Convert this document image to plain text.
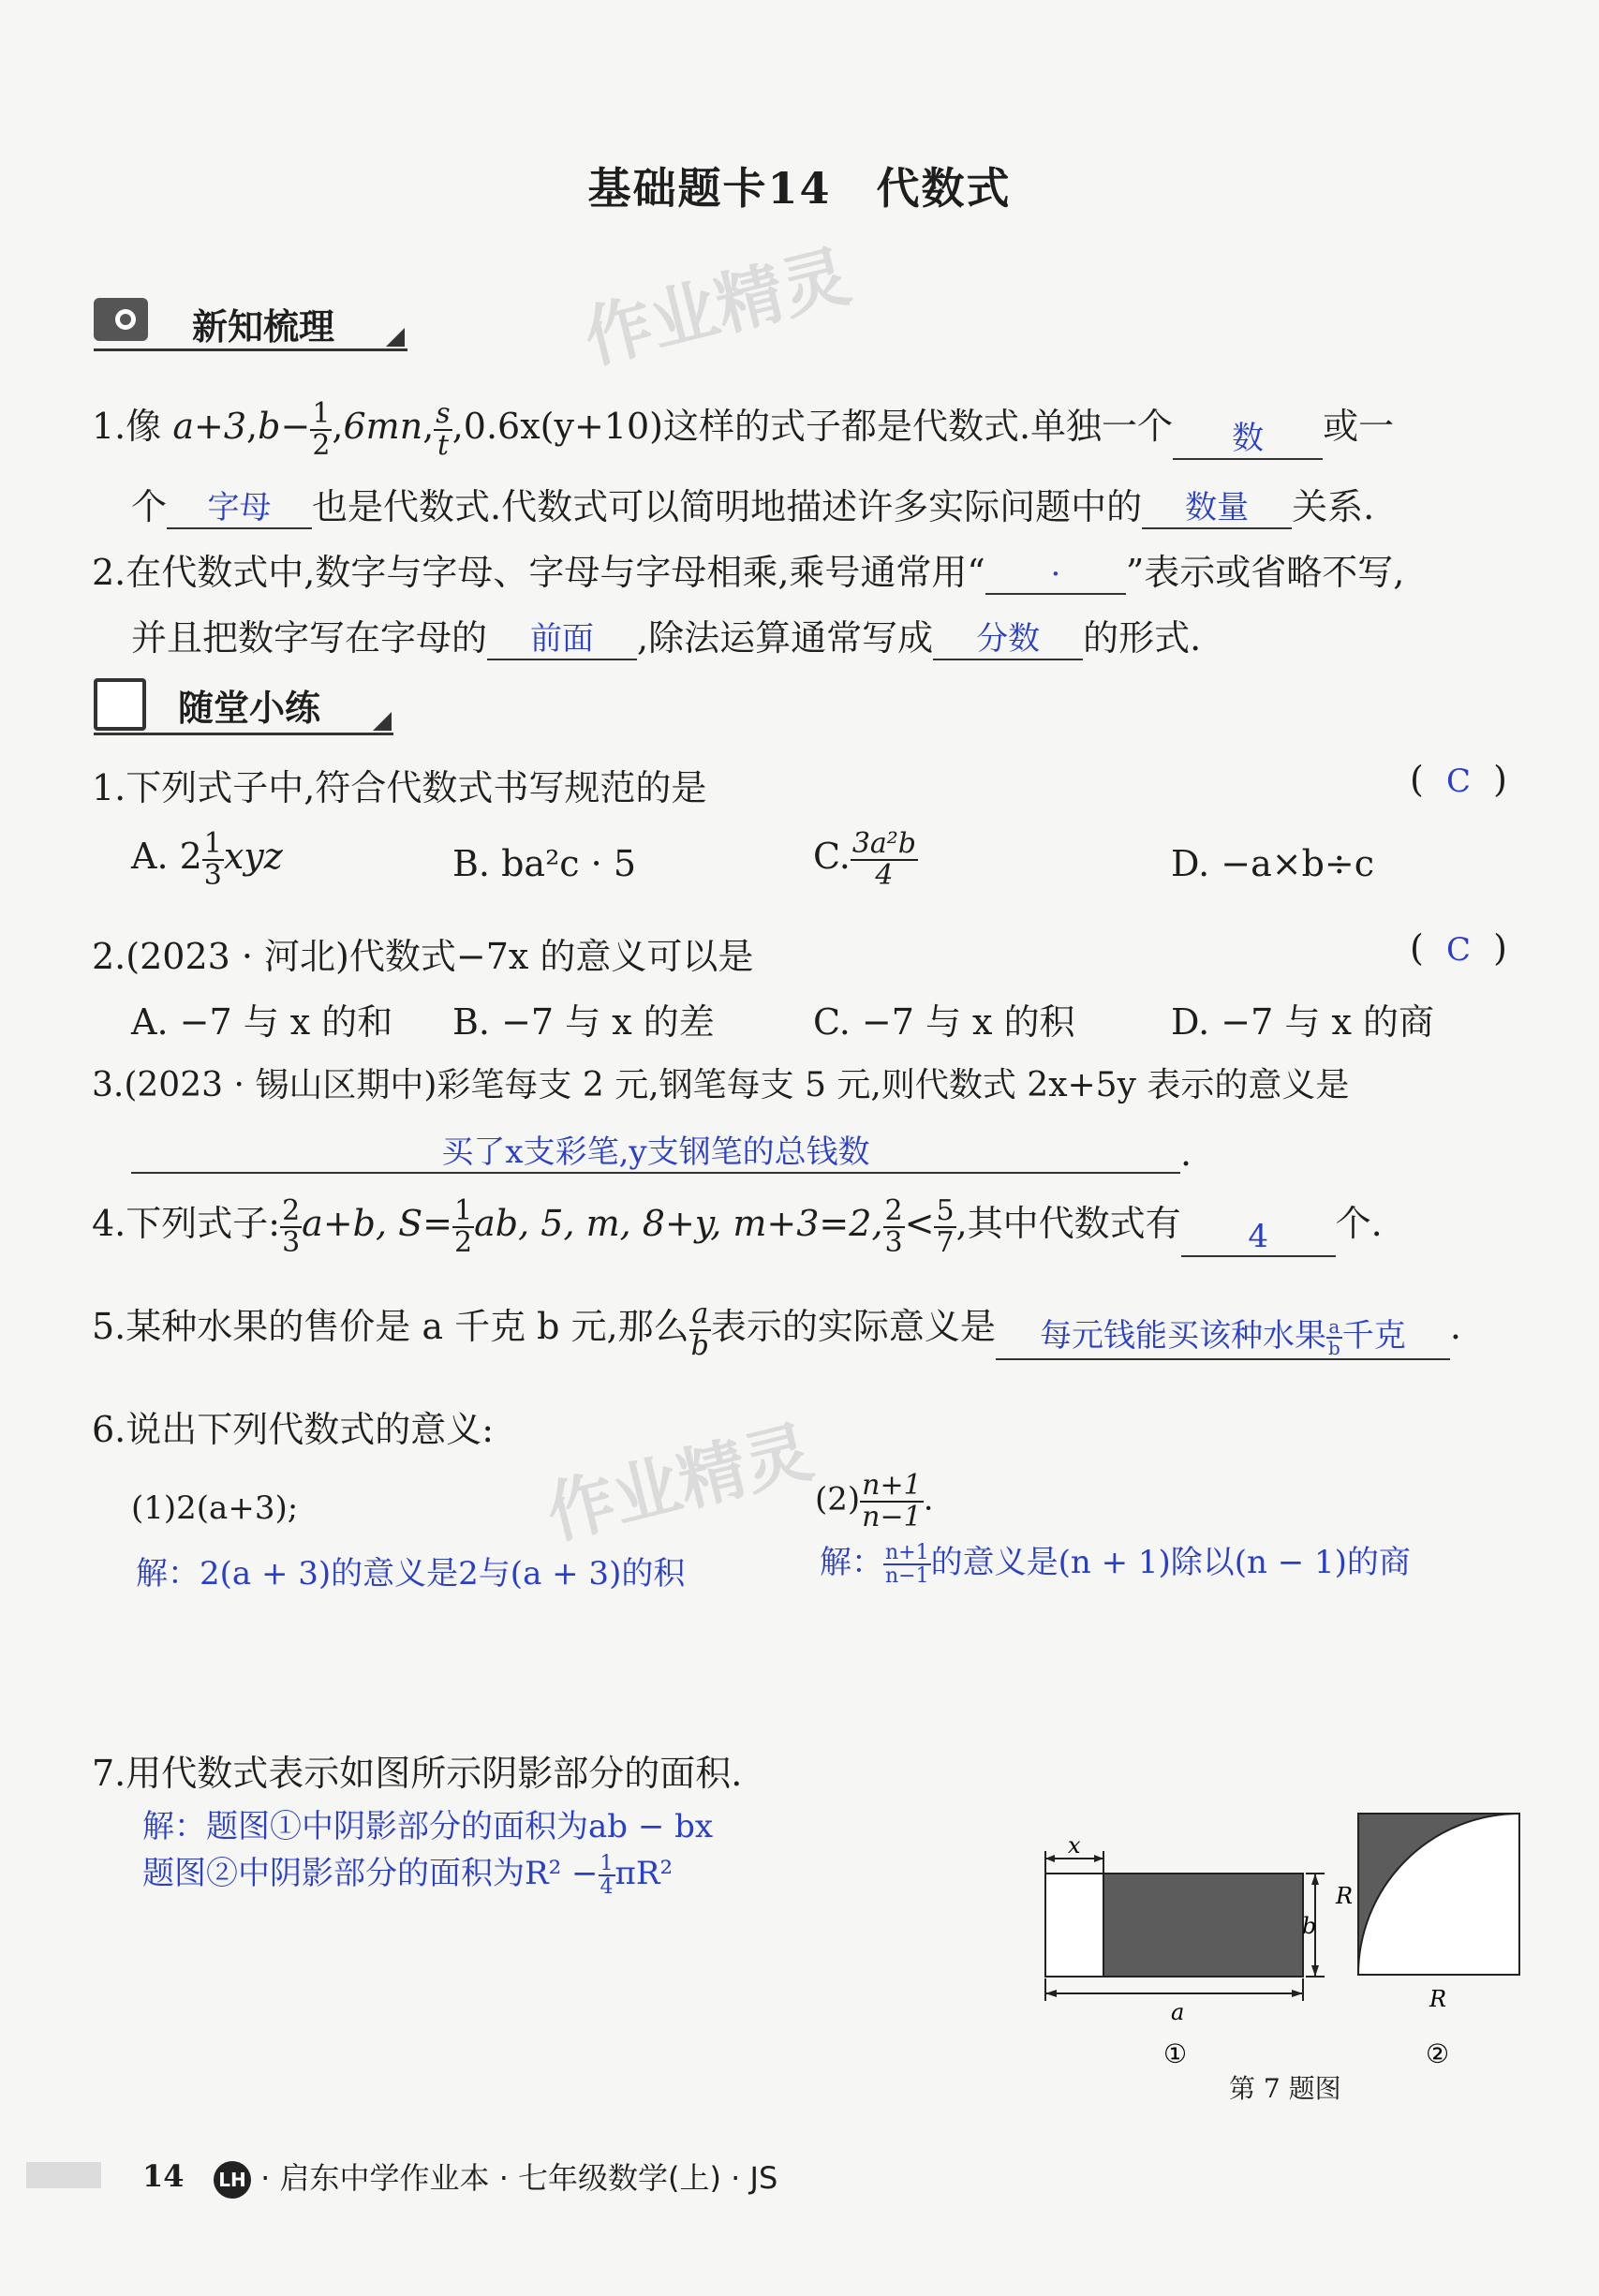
作业精灵
作业精灵
基础题卡14　代数式
新知梳理
1.像 $a+3,b- \frac{1}{2} ,6mn$, $\frac{s}{t} ,0.6x(y+10)$这样的式子都是代数式.单独一个 数 或一
个 字母 也是代数式.代数式可以简明地描述许多实际问题中的 数量 关系.
2.在代数式中,数字与字母、字母与字母相乘,乘号通常用“ · ”表示或省略不写,
并且把数字写在字母的 前面 ,除法运算通常写成 分数 的形式.
随堂小练
1.下列式子中,符合代数式书写规范的是	(  C  )
A. $2 \frac{1}{3}$ xyz	B. ba²c · 5	C. $\frac{\text{3a²b}}{4}$	D. −a×b÷c
2.(2023 · 河北)代数式−7x 的意义可以是	(  C  )
A. −7 与 x 的和 B. −7 与 x 的差	C. −7 与 x 的积	D. −7 与 x 的商
3.(2023 · 锡山区期中)彩笔每支 2 元,钢笔每支 5 元,则代数式 2x+5y 表示的意义是
买了x支彩笔,y支钢笔的总钱数	.
4.下列式子: $\frac{2}{3} a+b$, $S= \frac{1}{2}$ ab, 5, m, 8+y, m+3=2, $\frac{2}{3} < \frac{5}{7}$ ,其中代数式有 4 个.
5.某种水果的售价是 a 千克 b 元,那么 $\frac{a}{b}$ 表示的实际意义是 每元钱能买该种水果 $\frac{a}{b}$ 千克 .
6.说出下列代数式的意义:
(1)2(a+3);	$(2) \frac{n+1}{n-1}$ .
解：2(a + 3)的意义是2与(a + 3)的积	解： $\frac{n+1}{n-1}$ 的意义是(n + 1)除以(n − 1)的商
7.用代数式表示如图所示阴影部分的面积.
解：题图①中阴影部分的面积为ab − bx
题图②中阴影部分的面积为$R^2 - \frac{1}{4} \pi R^2$
x
a
b
①
R
R
②
第 7 题图
14 LH · 启东中学作业本 · 七年级数学(上) · JS
